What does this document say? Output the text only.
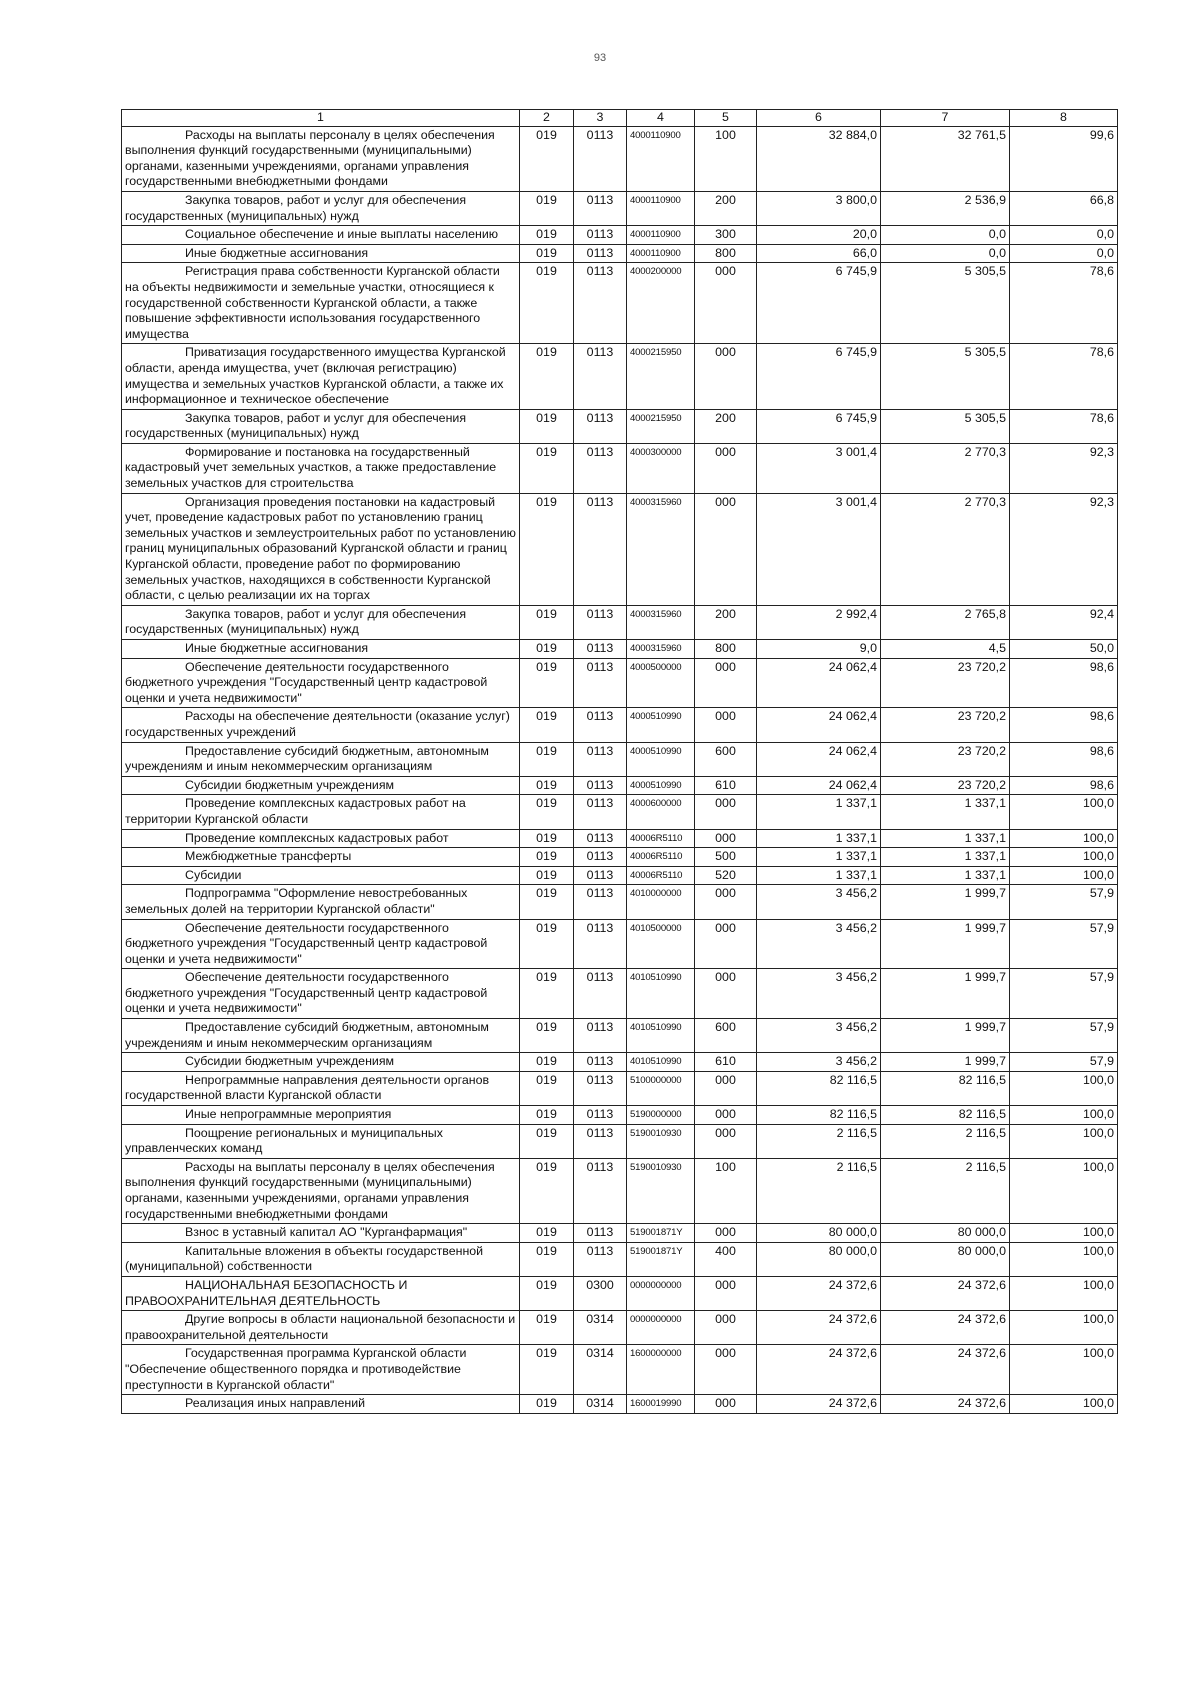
93
1	2	3	4	5	6	7	8
Расходы на выплаты персоналу в целях обеспечения выполнения функций государственными (муниципальными) органами, казенными учреждениями, органами управления государственными внебюджетными фондами	019	0113	4000110900	100	32 884,0	32 761,5	99,6
Закупка товаров, работ и услуг для обеспечения государственных (муниципальных) нужд	019	0113	4000110900	200	3 800,0	2 536,9	66,8
Социальное обеспечение и иные выплаты населению	019	0113	4000110900	300	20,0	0,0	0,0
Иные бюджетные ассигнования	019	0113	4000110900	800	66,0	0,0	0,0
Регистрация права собственности Курганской области на объекты недвижимости и земельные участки, относящиеся к государственной собственности Курганской области, а также повышение эффективности использования государственного имущества	019	0113	4000200000	000	6 745,9	5 305,5	78,6
Приватизация государственного имущества Курганской области, аренда имущества, учет (включая регистрацию) имущества и земельных участков Курганской области, а также их информационное и техническое обеспечение	019	0113	4000215950	000	6 745,9	5 305,5	78,6
Закупка товаров, работ и услуг для обеспечения государственных (муниципальных) нужд	019	0113	4000215950	200	6 745,9	5 305,5	78,6
Формирование и постановка на государственный кадастровый учет земельных участков, а также предоставление земельных участков для строительства	019	0113	4000300000	000	3 001,4	2 770,3	92,3
Организация проведения постановки на кадастровый учет, проведение кадастровых работ по установлению границ земельных участков и землеустроительных работ по установлению границ муниципальных образований Курганской области и границ Курганской области, проведение работ по формированию земельных участков, находящихся в собственности Курганской области, с целью реализации их на торгах	019	0113	4000315960	000	3 001,4	2 770,3	92,3
Закупка товаров, работ и услуг для обеспечения государственных (муниципальных) нужд	019	0113	4000315960	200	2 992,4	2 765,8	92,4
Иные бюджетные ассигнования	019	0113	4000315960	800	9,0	4,5	50,0
Обеспечение деятельности государственного бюджетного учреждения "Государственный центр кадастровой оценки и учета недвижимости"	019	0113	4000500000	000	24 062,4	23 720,2	98,6
Расходы на обеспечение деятельности (оказание услуг) государственных учреждений	019	0113	4000510990	000	24 062,4	23 720,2	98,6
Предоставление субсидий бюджетным, автономным учреждениям и иным некоммерческим организациям	019	0113	4000510990	600	24 062,4	23 720,2	98,6
Субсидии бюджетным учреждениям	019	0113	4000510990	610	24 062,4	23 720,2	98,6
Проведение комплексных кадастровых работ на территории Курганской области	019	0113	4000600000	000	1 337,1	1 337,1	100,0
Проведение комплексных кадастровых работ	019	0113	40006R5110	000	1 337,1	1 337,1	100,0
Межбюджетные трансферты	019	0113	40006R5110	500	1 337,1	1 337,1	100,0
Субсидии	019	0113	40006R5110	520	1 337,1	1 337,1	100,0
Подпрограмма "Оформление невостребованных земельных долей на территории Курганской области"	019	0113	4010000000	000	3 456,2	1 999,7	57,9
Обеспечение деятельности государственного бюджетного учреждения "Государственный центр кадастровой оценки и учета недвижимости"	019	0113	4010500000	000	3 456,2	1 999,7	57,9
Обеспечение деятельности государственного бюджетного учреждения "Государственный центр кадастровой оценки и учета недвижимости"	019	0113	4010510990	000	3 456,2	1 999,7	57,9
Предоставление субсидий бюджетным, автономным учреждениям и иным некоммерческим организациям	019	0113	4010510990	600	3 456,2	1 999,7	57,9
Субсидии бюджетным учреждениям	019	0113	4010510990	610	3 456,2	1 999,7	57,9
Непрограммные направления деятельности органов государственной власти Курганской области	019	0113	5100000000	000	82 116,5	82 116,5	100,0
Иные непрограммные мероприятия	019	0113	5190000000	000	82 116,5	82 116,5	100,0
Поощрение региональных и муниципальных управленческих команд	019	0113	5190010930	000	2 116,5	2 116,5	100,0
Расходы на выплаты персоналу в целях обеспечения выполнения функций государственными (муниципальными) органами, казенными учреждениями, органами управления государственными внебюджетными фондами	019	0113	5190010930	100	2 116,5	2 116,5	100,0
Взнос в уставный капитал АО "Курганфармация"	019	0113	519001871Y	000	80 000,0	80 000,0	100,0
Капитальные вложения в объекты государственной (муниципальной) собственности	019	0113	519001871Y	400	80 000,0	80 000,0	100,0
НАЦИОНАЛЬНАЯ БЕЗОПАСНОСТЬ И ПРАВООХРАНИТЕЛЬНАЯ ДЕЯТЕЛЬНОСТЬ	019	0300	0000000000	000	24 372,6	24 372,6	100,0
Другие вопросы в области национальной безопасности и правоохранительной деятельности	019	0314	0000000000	000	24 372,6	24 372,6	100,0
Государственная программа Курганской области "Обеспечение общественного порядка и противодействие преступности в Курганской области"	019	0314	1600000000	000	24 372,6	24 372,6	100,0
Реализация иных направлений	019	0314	1600019990	000	24 372,6	24 372,6	100,0
